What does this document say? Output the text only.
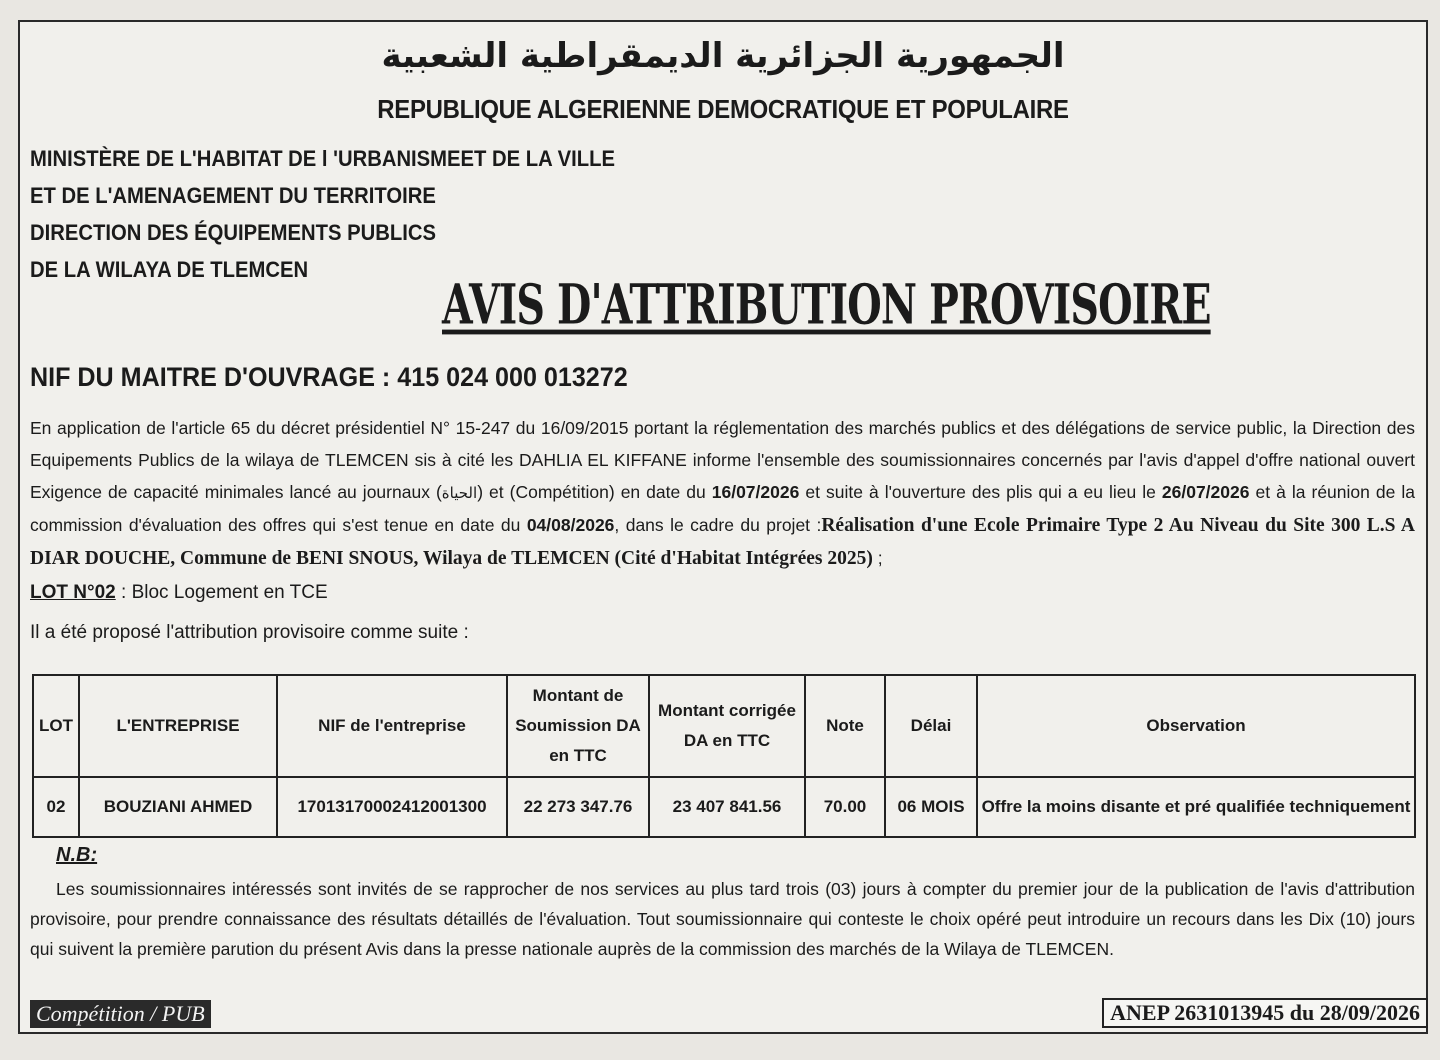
الجمهورية الجزائرية الديمقراطية الشعبية
REPUBLIQUE ALGERIENNE DEMOCRATIQUE ET POPULAIRE
MINISTÈRE DE L'HABITAT DE l 'URBANISMEET DE LA VILLE
ET DE L'AMENAGEMENT DU TERRITOIRE
DIRECTION DES ÉQUIPEMENTS PUBLICS
DE LA WILAYA DE TLEMCEN
AVIS D'ATTRIBUTION PROVISOIRE
NIF DU MAITRE D'OUVRAGE : 415 024 000 013272
En application de l'article 65 du décret présidentiel N° 15-247 du 16/09/2015 portant la réglementation des marchés publics et des délégations de service public, la Direction des Equipements Publics de la wilaya de TLEMCEN sis à cité les DAHLIA EL KIFFANE informe l'ensemble des soumissionnaires concernés par l'avis d'appel d'offre national ouvert Exigence de capacité minimales lancé au journaux (الحياة) et (Compétition) en date du 16/07/2026 et suite à l'ouverture des plis qui a eu lieu le 26/07/2026 et à la réunion de la commission d'évaluation des offres qui s'est tenue en date du 04/08/2026, dans le cadre du projet :Réalisation d'une Ecole Primaire Type 2 Au Niveau du Site 300 L.S A DIAR DOUCHE, Commune de BENI SNOUS, Wilaya de TLEMCEN (Cité d'Habitat Intégrées 2025) ;
LOT N°02 : Bloc Logement en TCE
Il a été proposé l'attribution provisoire comme suite :
LOT	L'ENTREPRISE	NIF de l'entreprise	Montant de Soumission DA en TTC	Montant corrigée DA en TTC	Note	Délai	Observation
02	BOUZIANI AHMED	17013170002412001300	22 273 347.76	23 407 841.56	70.00	06 MOIS	Offre la moins disante et pré qualifiée techniquement
N.B:
Les soumissionnaires intéressés sont invités de se rapprocher de nos services au plus tard trois (03) jours à compter du premier jour de la publication de l'avis d'attribution provisoire, pour prendre connaissance des résultats détaillés de l'évaluation. Tout soumissionnaire qui conteste le choix opéré peut introduire un recours dans les Dix (10) jours qui suivent la première parution du présent Avis dans la presse nationale auprès de la commission des marchés de la Wilaya de TLEMCEN.
Compétition / PUB	ANEP 2631013945 du 28/09/2026
